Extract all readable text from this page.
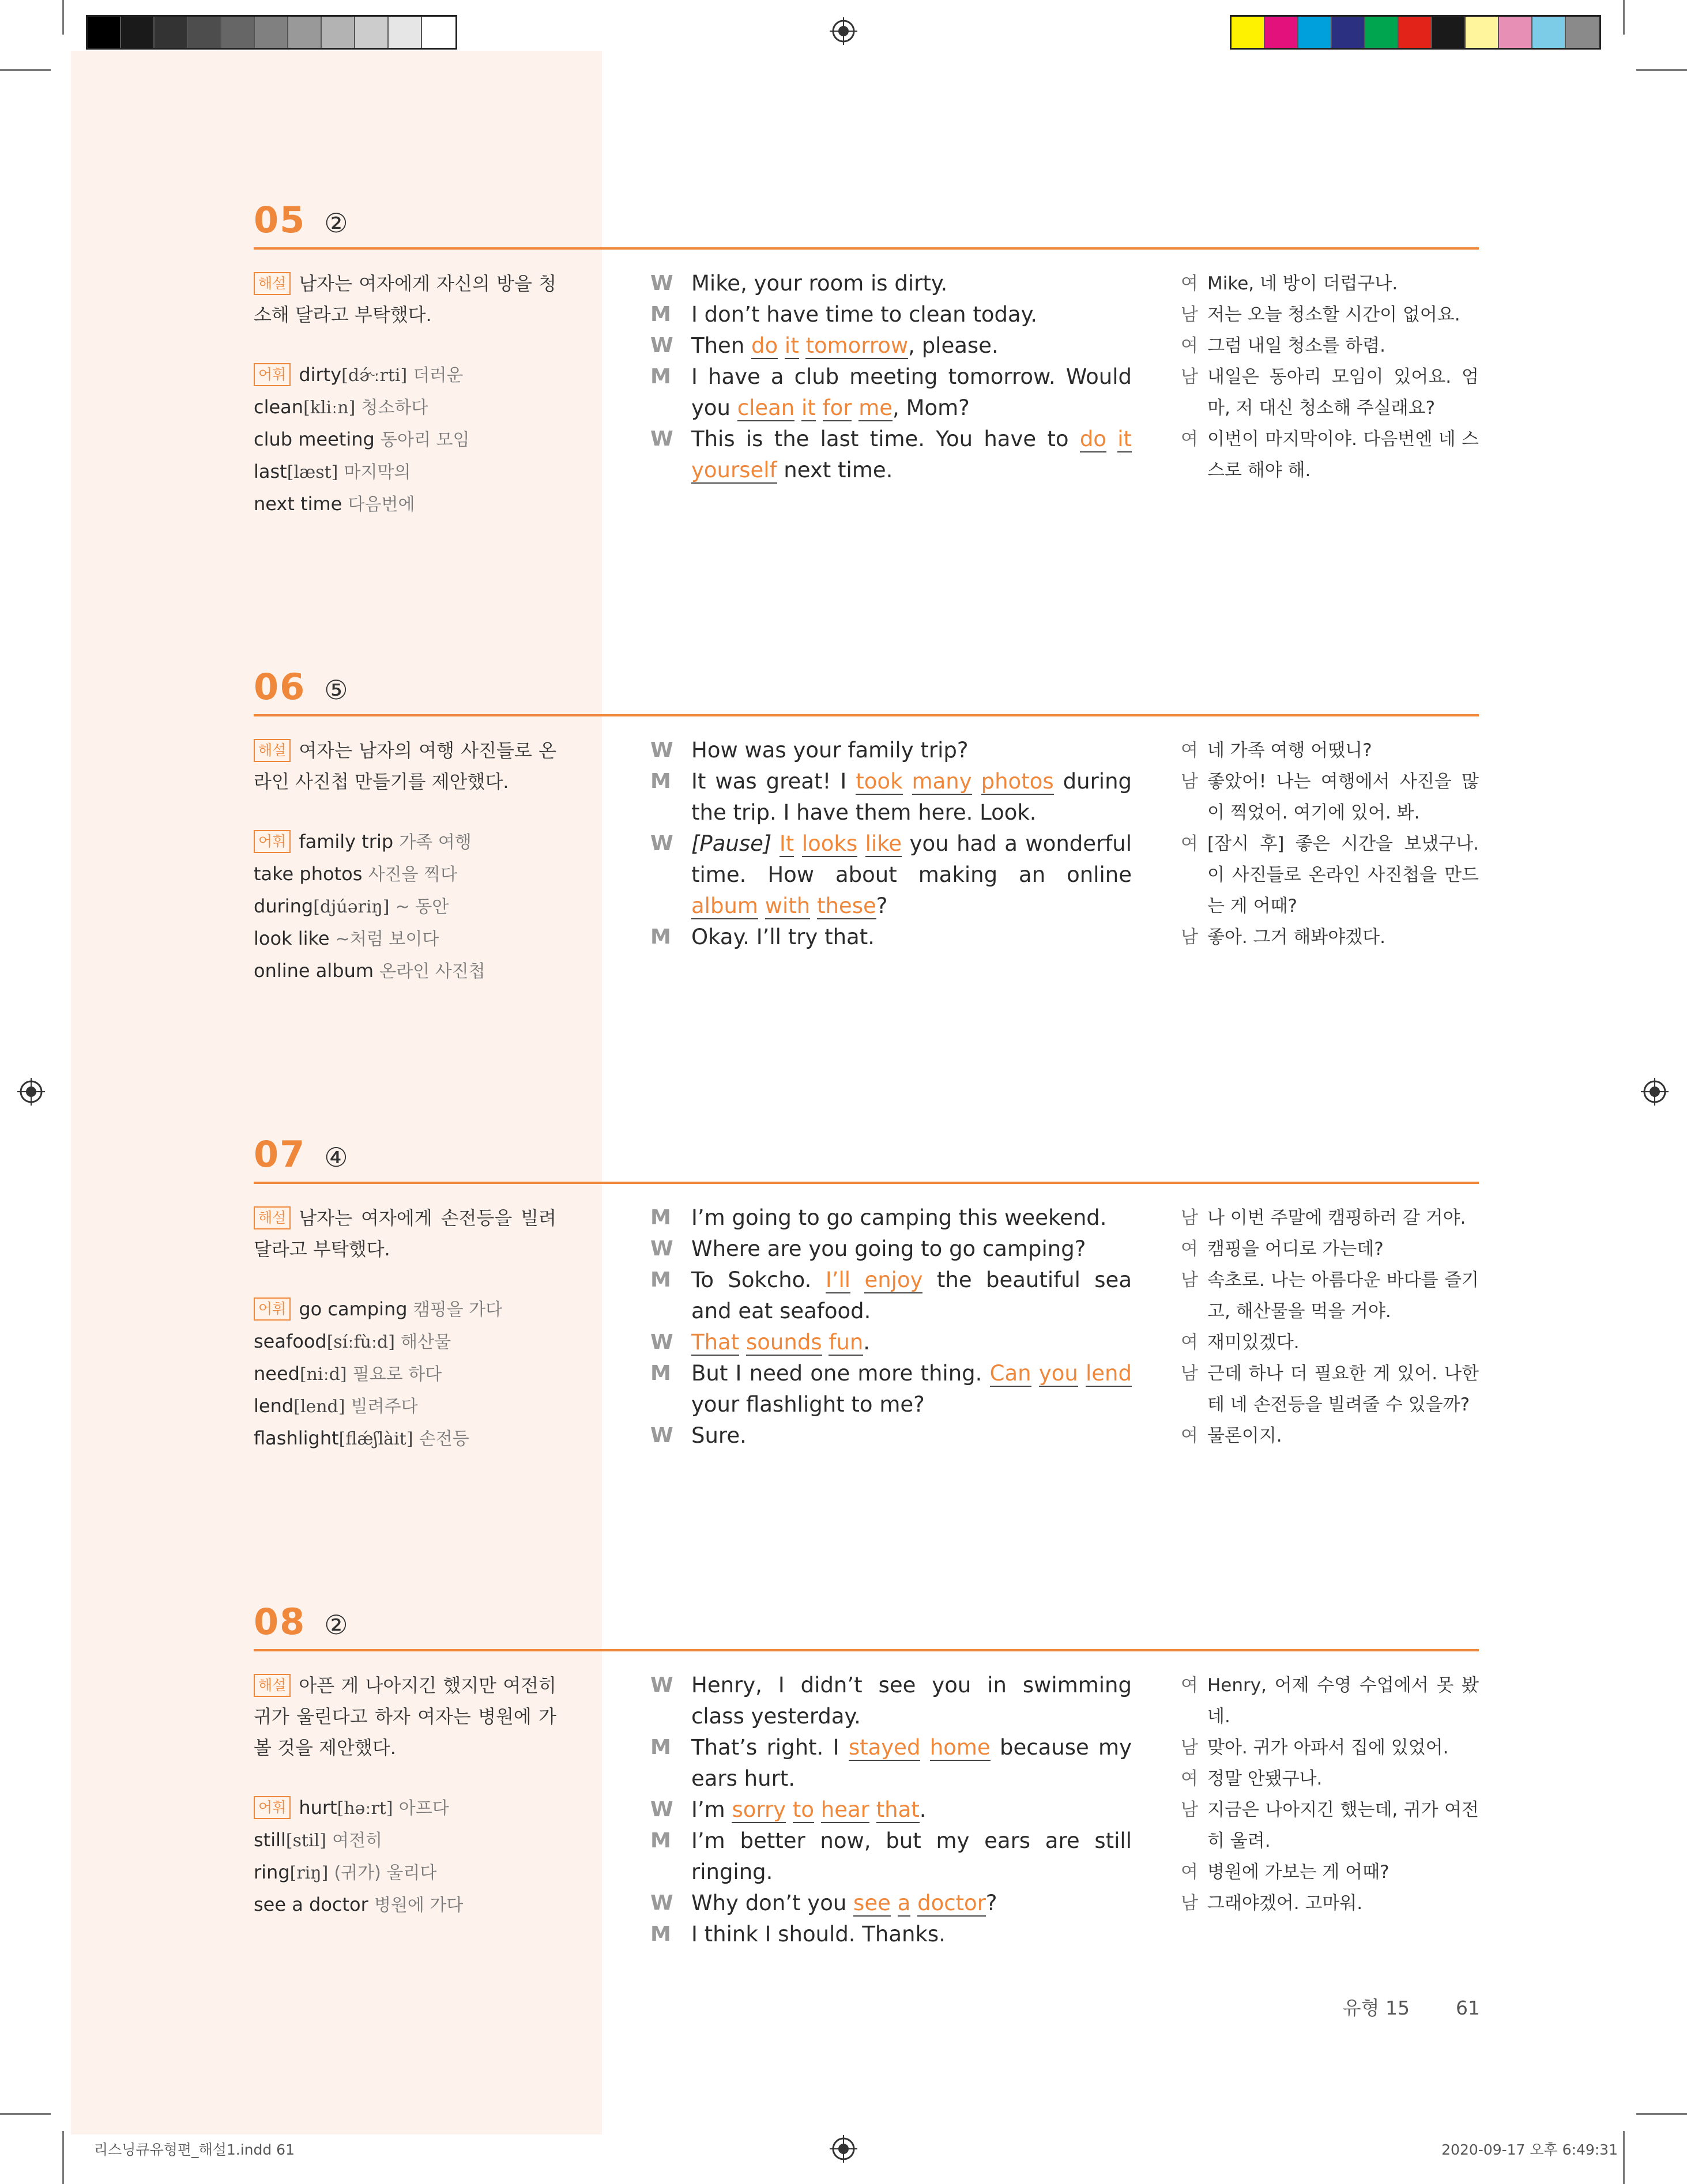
05 ②
해설 남자는 여자에게 자신의 방을 청소해 달라고 부탁했다.
어휘 dirty[dɚ́ːrti] 더러운
clean[kliːn] 청소하다
club meeting 동아리 모임
last[læst] 마지막의
next time 다음번에
W Mike, your room is dirty.
M I don’t have time to clean today.
W Then do it tomorrow, please.
M I have a club meeting tomorrow. Would you clean it for me, Mom?
W This is the last time. You have to do it yourself next time.
여 Mike, 네 방이 더럽구나.
남 저는 오늘 청소할 시간이 없어요.
여 그럼 내일 청소를 하렴.
남 내일은 동아리 모임이 있어요. 엄마, 저 대신 청소해 주실래요?
여 이번이 마지막이야. 다음번엔 네 스스로 해야 해.
06 ⑤
해설 여자는 남자의 여행 사진들로 온라인 사진첩 만들기를 제안했다.
어휘 family trip 가족 여행
take photos 사진을 찍다
during[djúəriŋ] ~ 동안
look like ~처럼 보이다
online album 온라인 사진첩
W How was your family trip?
M It was great! I took many photos during the trip. I have them here. Look.
W [Pause] It looks like you had a wonderful time. How about making an online album with these?
M Okay. I’ll try that.
여 네 가족 여행 어땠니?
남 좋았어! 나는 여행에서 사진을 많이 찍었어. 여기에 있어. 봐.
여 [잠시 후] 좋은 시간을 보냈구나. 이 사진들로 온라인 사진첩을 만드는 게 어때?
남 좋아. 그거 해봐야겠다.
07 ④
해설 남자는 여자에게 손전등을 빌려 달라고 부탁했다.
어휘 go camping 캠핑을 가다
seafood[síːfùːd] 해산물
need[niːd] 필요로 하다
lend[lend] 빌려주다
flashlight[flǽʃlàit] 손전등
M I’m going to go camping this weekend.
W Where are you going to go camping?
M To Sokcho. I’ll enjoy the beautiful sea and eat seafood.
W That sounds fun.
M But I need one more thing. Can you lend your flashlight to me?
W Sure.
남 나 이번 주말에 캠핑하러 갈 거야.
여 캠핑을 어디로 가는데?
남 속초로. 나는 아름다운 바다를 즐기고, 해산물을 먹을 거야.
여 재미있겠다.
남 근데 하나 더 필요한 게 있어. 나한테 네 손전등을 빌려줄 수 있을까?
여 물론이지.
08 ②
해설 아픈 게 나아지긴 했지만 여전히 귀가 울린다고 하자 여자는 병원에 가볼 것을 제안했다.
어휘 hurt[həːrt] 아프다
still[stil] 여전히
ring[riŋ] (귀가) 울리다
see a doctor 병원에 가다
W Henry, I didn’t see you in swimming class yesterday.
M That’s right. I stayed home because my ears hurt.
W I’m sorry to hear that.
M I’m better now, but my ears are still ringing.
W Why don’t you see a doctor?
M I think I should. Thanks.
여 Henry, 어제 수영 수업에서 못 봤네.
남 맞아. 귀가 아파서 집에 있었어.
여 정말 안됐구나.
남 지금은 나아지긴 했는데, 귀가 여전히 울려.
여 병원에 가보는 게 어때?
남 그래야겠어. 고마워.
유형 15 61
리스닝큐유형편_해설1.indd 61	2020-09-17 오후 6:49:31
